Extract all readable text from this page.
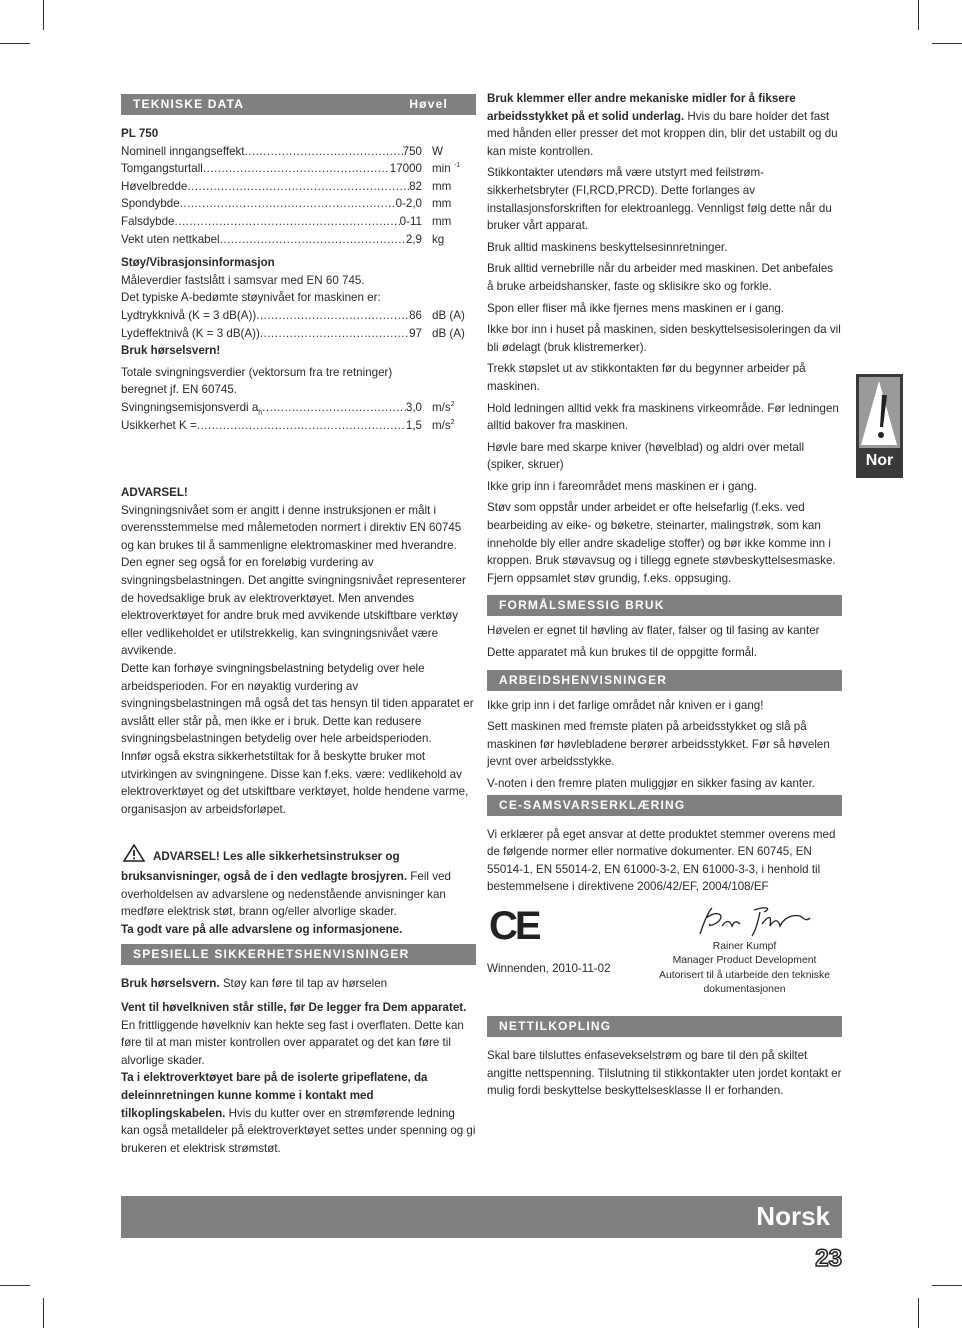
TEKNISKE DATA	Høvel

PL 750

Nominell inngangseffekt .....	750 W
Tomgangsturtall .....	17000 min $^{-1}$
Høvelbredde .....	82 mm
Spondybde .....	0-2,0 mm
Falsdybde .....	0-11 mm
Vekt uten nettkabel .....	2,9 kg

Støy/Vibrasjonsinformasjon

Måleverdier fastslått i samsvar med EN 60 745.

Det typiske A-bedømte støynivået for maskinen er:

Lydtrykknivå (K = 3 dB(A)) .....	86 dB (A)
Lydeffektnivå (K = 3 dB(A)) .....	97 dB (A)

Bruk hørselsvern!

Totale svingningsverdier (vektorsum fra tre retninger)

beregnet jf. EN 60745.

Svingningsemisjonsverdi $a_h$ .....	3,0 $m/s^2$
Usikkerhet K = .....	1,5 $m/s^2$

ADVARSEL!

Svingningsnivået som er angitt i denne instruksjonen er målt i overensstemmelse med målemetoden normert i direktiv EN 60745 og kan brukes til å sammenligne elektromaskiner med hverandre. Den egner seg også for en foreløbig vurdering av svingningsbelastningen. Det angitte svingningsnivået representerer de hovedsaklige bruk av elektroverktøyet. Men anvendes elektroverktøyet for andre bruk med avvikende utskiftbare verktøy eller vedlikeholdet er utilstrekkelig, kan svingningsnivået være avvikende.

Dette kan forhøye svingningsbelastning betydelig over hele arbeidsperioden. For en nøyaktig vurdering av svingningsbelastningen må også det tas hensyn til tiden apparatet er avslått eller står på, men ikke er i bruk. Dette kan redusere svingningsbelastningen betydelig over hele arbeidsperioden.

Innfør også ekstra sikkerhetstiltak for å beskytte bruker mot utvirkingen av svingningene. Disse kan f.eks. være: vedlikehold av elektroverktøyet og det utskiftbare verktøyet, holde hendene varme, organisasjon av arbeidsforløpet.

ADVARSEL! Les alle sikkerhetsinstrukser og bruksanvisninger, også de i den vedlagte brosjyren. Feil ved overholdelsen av advarslene og nedenstående anvisninger kan medføre elektrisk støt, brann og/eller alvorlige skader.

Ta godt vare på alle advarslene og informasjonene.

SPESIELLE SIKKERHETSHENVISNINGER

Bruk hørselsvern. Støy kan føre til tap av hørselen

Vent til høvelkniven står stille, før De legger fra Dem apparatet. En frittliggende høvelkniv kan hekte seg fast i overflaten. Dette kan føre til at man mister kontrollen over apparatet og det kan føre til alvorlige skader.

Ta i elektroverktøyet bare på de isolerte gripeflatene, da deleinnretningen kunne komme i kontakt med tilkoplingskabelen. Hvis du kutter over en strømførende ledning kan også metalldeler på elektroverktøyet settes under spenning og gi brukeren et elektrisk strømstøt.

Bruk klemmer eller andre mekaniske midler for å fiksere arbeidsstykket på et solid underlag. Hvis du bare holder det fast med hånden eller presser det mot kroppen din, blir det ustabilt og du kan miste kontrollen.

Stikkontakter utendørs må være utstyrt med feilstrøm-sikkerhetsbryter (FI,RCD,PRCD). Dette forlanges av installasjonsforskriften for elektroanlegg. Vennligst følg dette når du bruker vårt apparat.

Bruk alltid maskinens beskyttelsesinnretninger.

Bruk alltid vernebrille når du arbeider med maskinen. Det anbefales å bruke arbeidshansker, faste og sklisikre sko og forkle.

Spon eller fliser må ikke fjernes mens maskinen er i gang.

Ikke bor inn i huset på maskinen, siden beskyttelsesisoleringen da vil bli ødelagt (bruk klistremerker).

Trekk støpslet ut av stikkontakten før du begynner arbeider på maskinen.

Hold ledningen alltid vekk fra maskinens virkeområde. Før ledningen alltid bakover fra maskinen.

Høvle bare med skarpe kniver (høvelblad) og aldri over metall (spiker, skruer)

Ikke grip inn i fareområdet mens maskinen er i gang.

Støv som oppstår under arbeidet er ofte helsefarlig (f.eks. ved bearbeiding av eike- og bøketre, steinarter, malingstrøk, som kan inneholde bly eller andre skadelige stoffer) og bør ikke komme inn i kroppen. Bruk støvavsug og i tillegg egnete støvbeskyttelsesmaske. Fjern oppsamlet støv grundig, f.eks. oppsuging.

FORMÅLSMESSIG BRUK

Høvelen er egnet til høvling av flater, falser og til fasing av kanter

Dette apparatet må kun brukes til de oppgitte formål.

ARBEIDSHENVISNINGER

Ikke grip inn i det farlige området når kniven er i gang!

Sett maskinen med fremste platen på arbeidsstykket og slå på maskinen før høvlebladene berører arbeidsstykket. Før så høvelen jevnt over arbeidsstykke.

V-noten i den fremre platen muliggjør en sikker fasing av kanter.

CE-SAMSVARSERKLÆRING

Vi erklærer på eget ansvar at dette produktet stemmer overens med de følgende normer eller normative dokumenter. EN 60745, EN 55014-1, EN 55014-2, EN 61000-3-2, EN 61000-3-3, i henhold til bestemmelsene i direktivene 2006/42/EF, 2004/108/EF

CE
Winnenden, 2010-11-02
Rainer Kumpf
Manager Product Development
Autorisert til å utarbeide den tekniske dokumentasjonen
NETTILKOPLING

Skal bare tilsluttes enfasevekselstrøm og bare til den på skiltet angitte nettspenning. Tilslutning til stikkontakter uten jordet kontakt er mulig fordi beskyttelse beskyttelsesklasse II er forhanden.

Nor
Norsk
23
